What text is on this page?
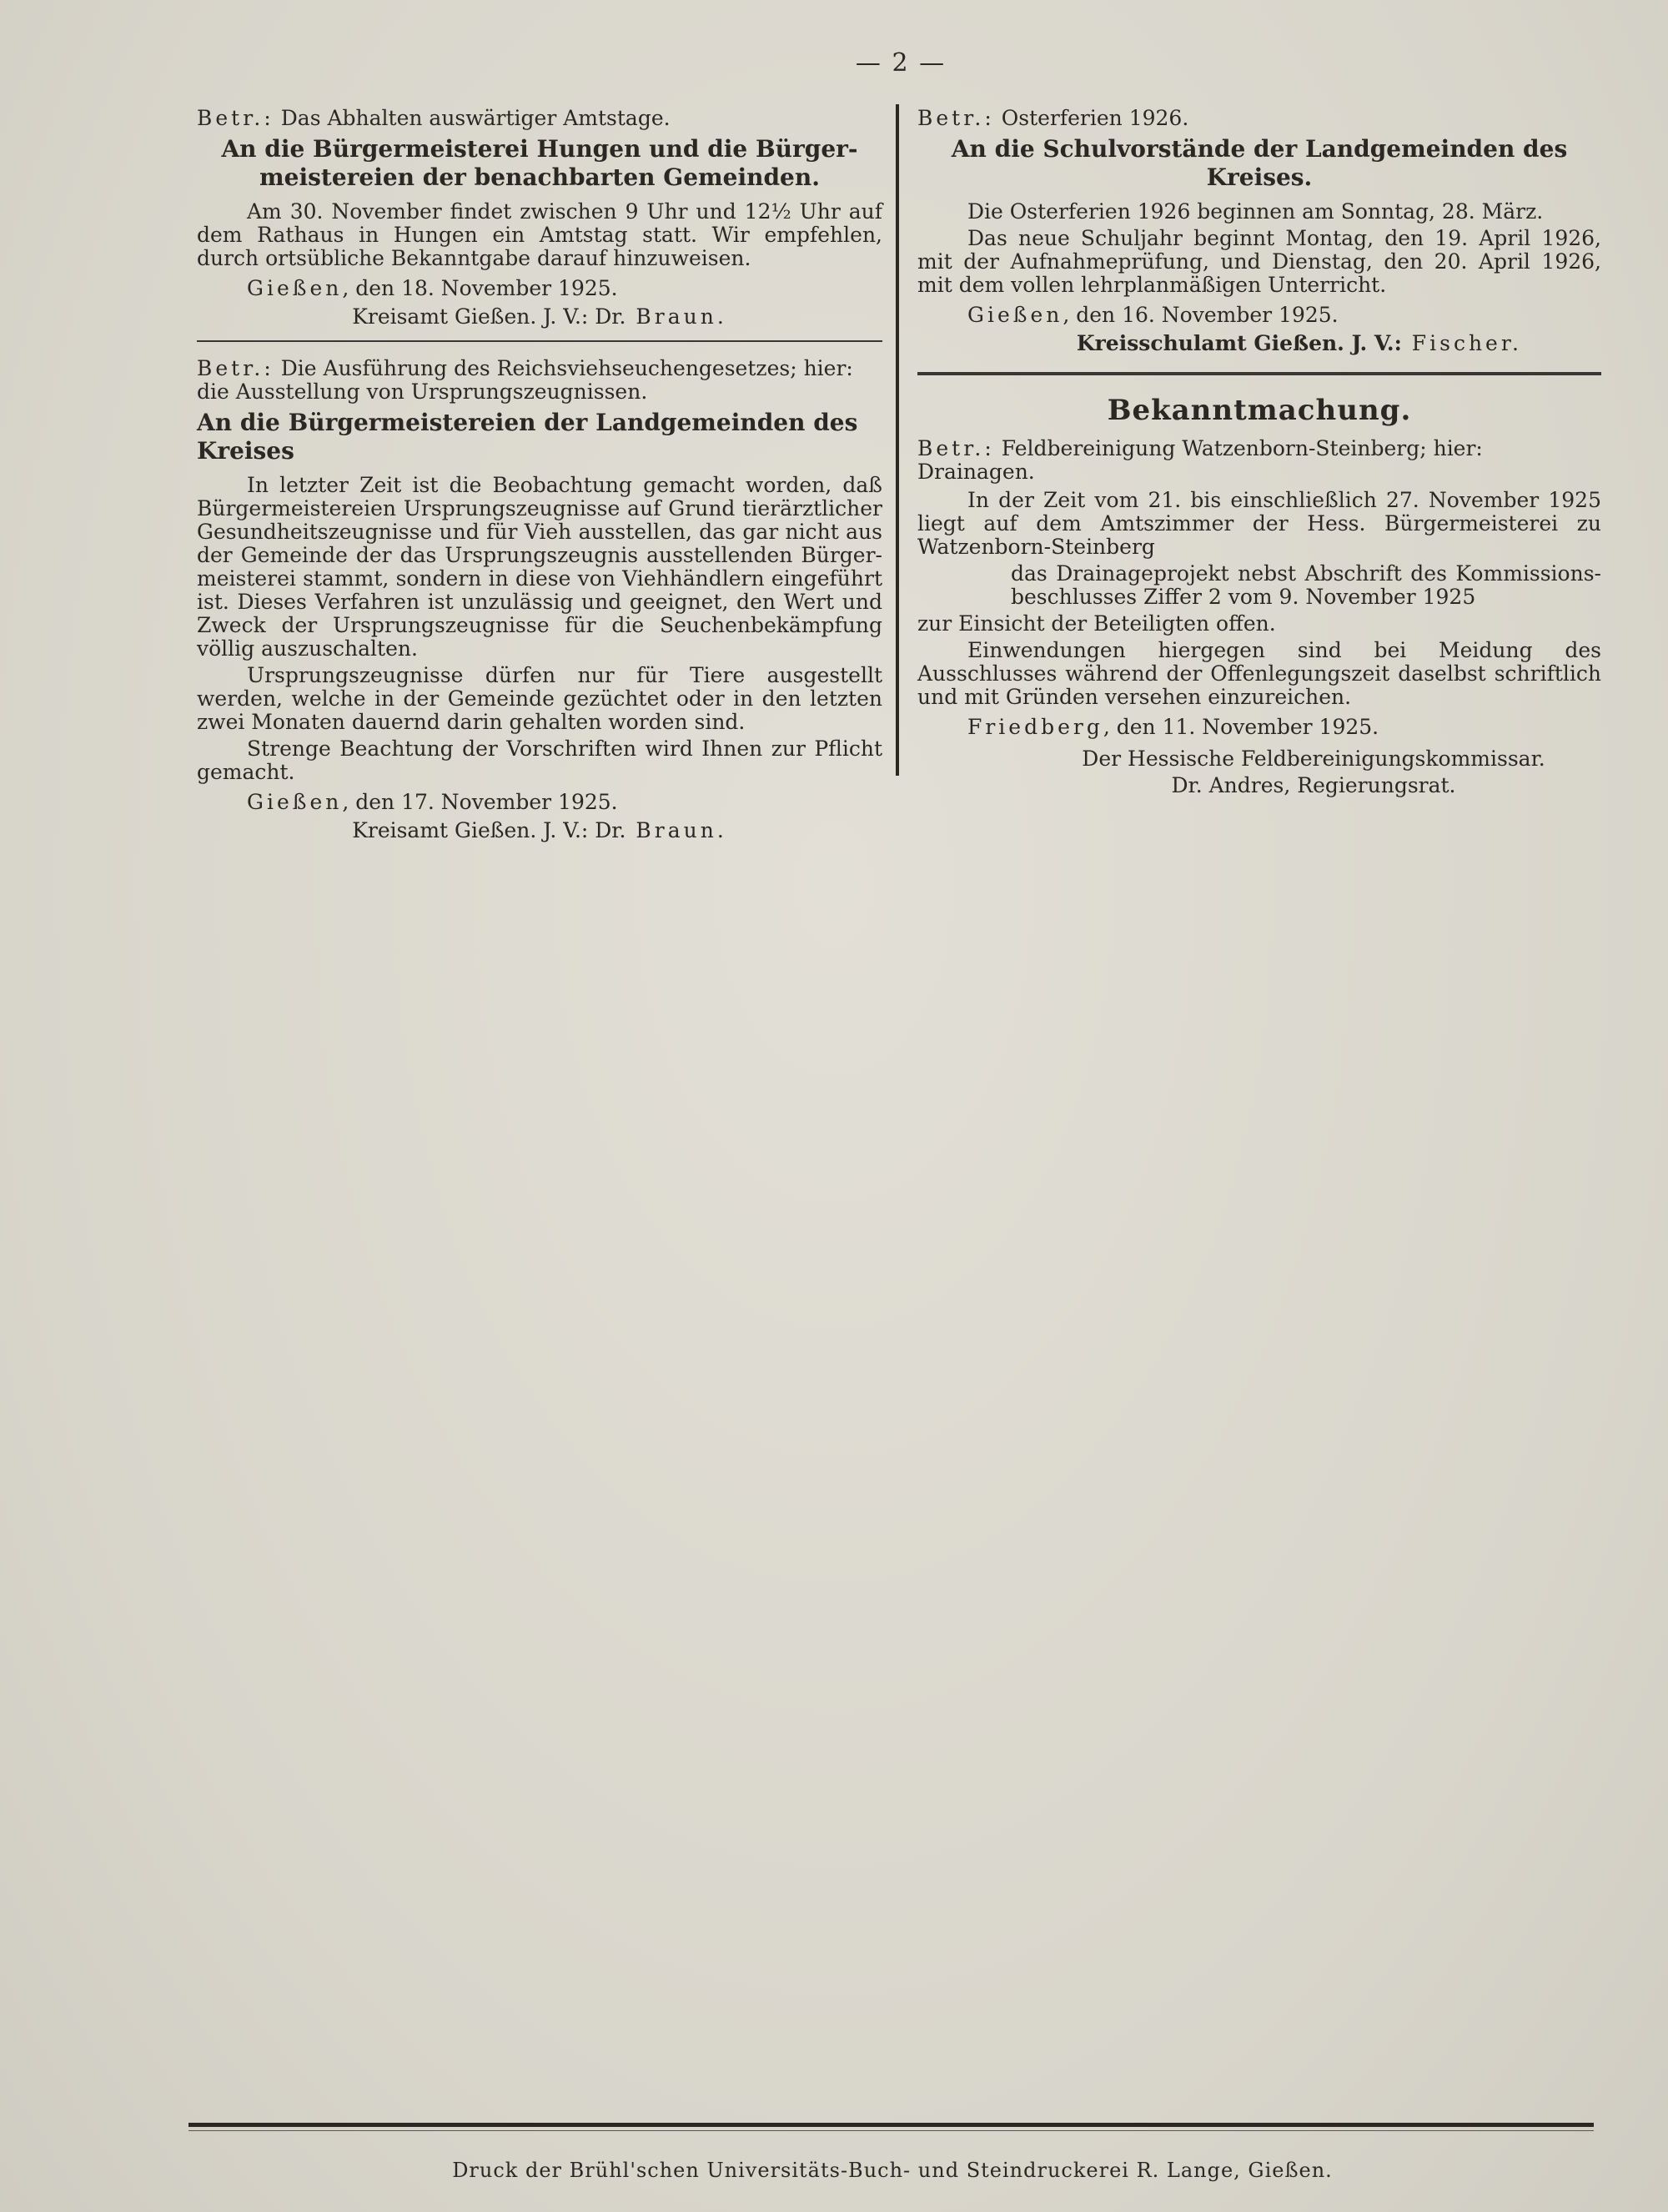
— 2 —

Betr.: Das Abhalten auswärtiger Amtstage.

An die Bürgermeisterei Hungen und die Bürgermeistereien der benachbarten Gemeinden.

Am 30. November findet zwischen 9 Uhr und 12½ Uhr auf dem Rathaus in Hungen ein Amtstag statt. Wir empfehlen, durch ortsübliche Bekanntgabe darauf hinzuweisen.

Gießen, den 18. November 1925.

Kreisamt Gießen. J. V.: Dr. Braun.

Betr.: Die Ausführung des Reichsviehseuchengesetzes; hier: die Ausstellung von Ursprungszeugnissen.

An die Bürgermeistereien der Landgemeinden des Kreises

In letzter Zeit ist die Beobachtung gemacht worden, daß Bürgermeistereien Ursprungszeugnisse auf Grund tierärztlicher Gesundheitszeugnisse und für Vieh ausstellen, das gar nicht aus der Gemeinde der das Ursprungszeugnis ausstellenden Bürgermeisterei stammt, sondern in diese von Viehhändlern eingeführt ist. Dieses Verfahren ist unzulässig und geeignet, den Wert und Zweck der Ursprungszeugnisse für die Seuchenbekämpfung völlig auszuschalten.

Ursprungszeugnisse dürfen nur für Tiere ausgestellt werden, welche in der Gemeinde gezüchtet oder in den letzten zwei Monaten dauernd darin gehalten worden sind.

Strenge Beachtung der Vorschriften wird Ihnen zur Pflicht gemacht.

Gießen, den 17. November 1925.

Kreisamt Gießen. J. V.: Dr. Braun.

Betr.: Osterferien 1926.

An die Schulvorstände der Landgemeinden des Kreises.

Die Osterferien 1926 beginnen am Sonntag, 28. März.

Das neue Schuljahr beginnt Montag, den 19. April 1926, mit der Aufnahmeprüfung, und Dienstag, den 20. April 1926, mit dem vollen lehrplanmäßigen Unterricht.

Gießen, den 16. November 1925.

Kreisschulamt Gießen. J. V.: Fischer.

Bekanntmachung.

Betr.: Feldbereinigung Watzenborn-Steinberg; hier: Drainagen.

In der Zeit vom 21. bis einschließlich 27. November 1925 liegt auf dem Amtszimmer der Hess. Bürgermeisterei zu Watzenborn-Steinberg

das Drainageprojekt nebst Abschrift des Kommissionsbeschlusses Ziffer 2 vom 9. November 1925

zur Einsicht der Beteiligten offen.

Einwendungen hiergegen sind bei Meidung des Ausschlusses während der Offenlegungszeit daselbst schriftlich und mit Gründen versehen einzureichen.

Friedberg, den 11. November 1925.

Der Hessische Feldbereinigungskommissar.

Dr. Andres, Regierungsrat.

Druck der Brühl'schen Universitäts-Buch- und Steindruckerei R. Lange, Gießen.
